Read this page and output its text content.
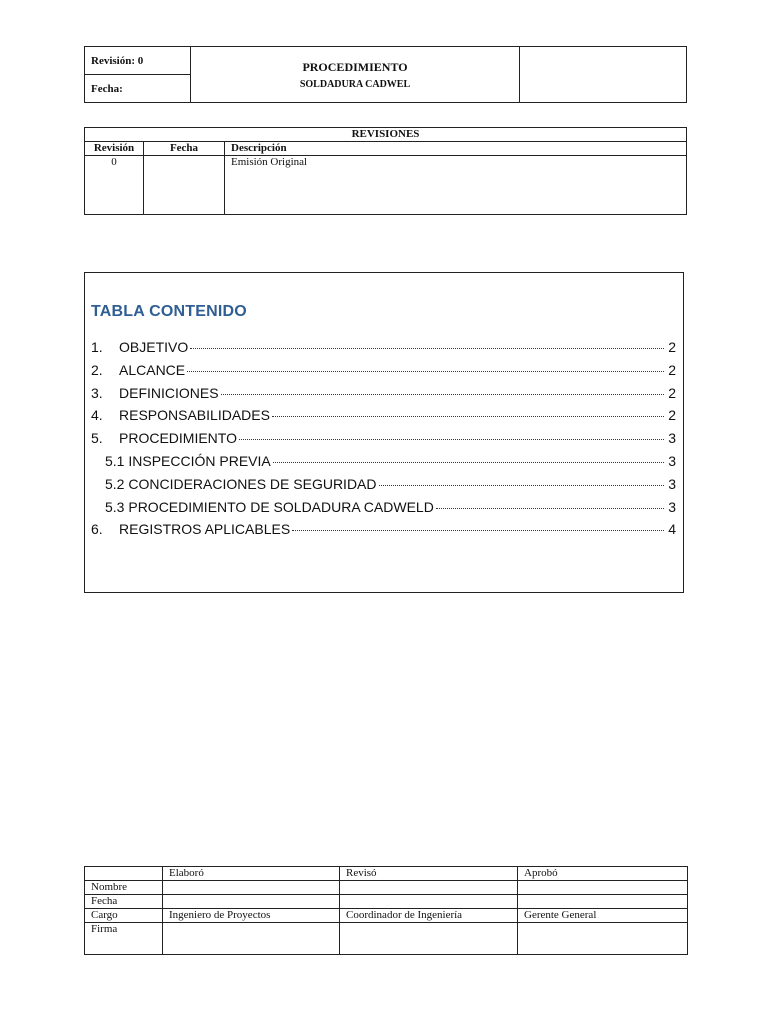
Revisión: 0	PROCEDIMIENTO
SOLDADURA CADWEL

Fecha:
REVISIONES		
Revisión	Fecha	Descripción
0		Emisión Original
TABLA CONTENIDO
1.	OBJETIVO	2
2.	ALCANCE	2
3.	DEFINICIONES	2
4.	RESPONSABILIDADES	2
5.	PROCEDIMIENTO	3
5.1 INSPECCIÓN PREVIA	3
5.2 CONCIDERACIONES DE SEGURIDAD	3
5.3 PROCEDIMIENTO DE SOLDADURA CADWELD	3
6.	REGISTROS APLICABLES	4
	Elaboró	Revisó	Aprobó
Nombre			
Fecha			
Cargo	Ingeniero de Proyectos	Coordinador de Ingeniería	Gerente General
Firma			
